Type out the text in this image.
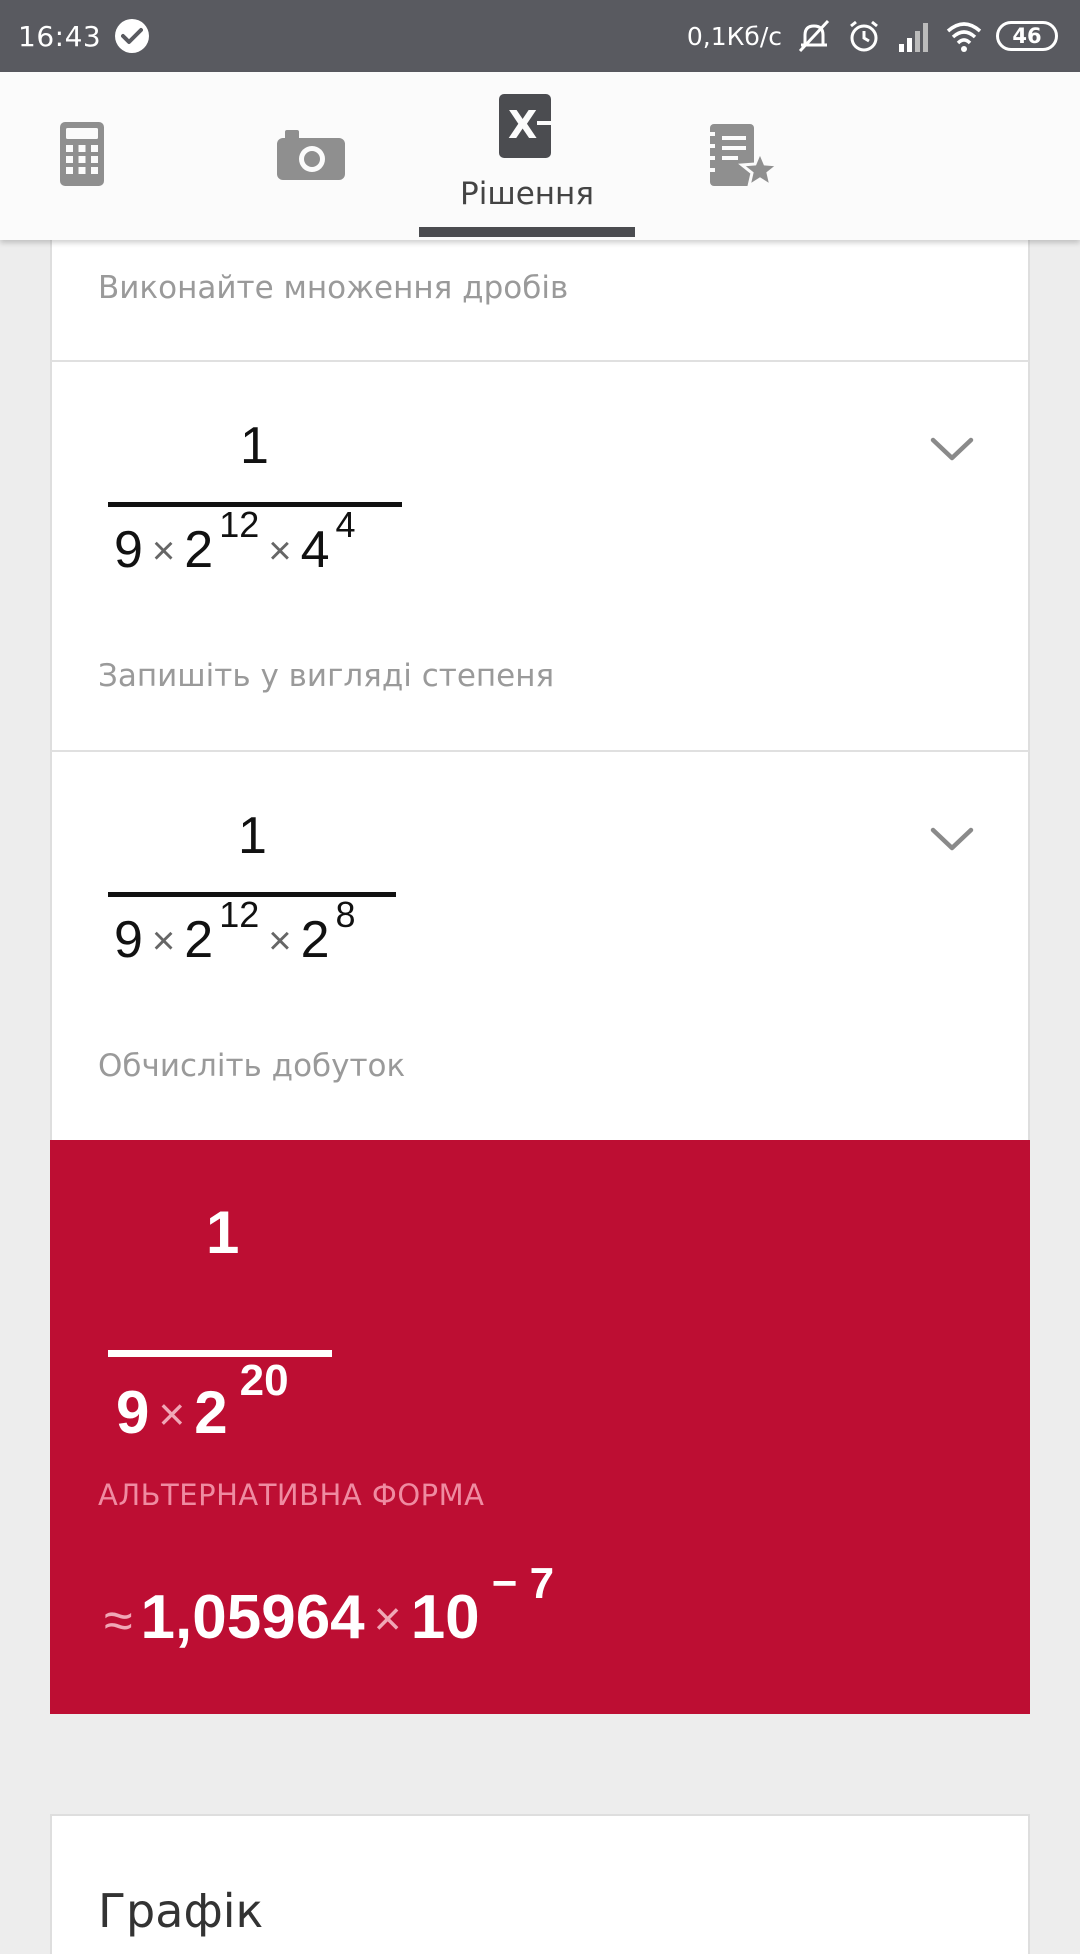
Виконайте множення дробів
1
9 × 2 $^{12}$× 4 $^4$
Запишіть у вигляді степеня
1
9 × 2 $^{12}$× 2 $^8$
Обчисліть добуток
1
9 × 2 $^{20}$
АЛЬТЕРНАТИВНА ФОРМА
≈ 1,05964 × 10 $^{- 7}$
Графік
X
Рішення
16:43	0,1Кб/с	46
